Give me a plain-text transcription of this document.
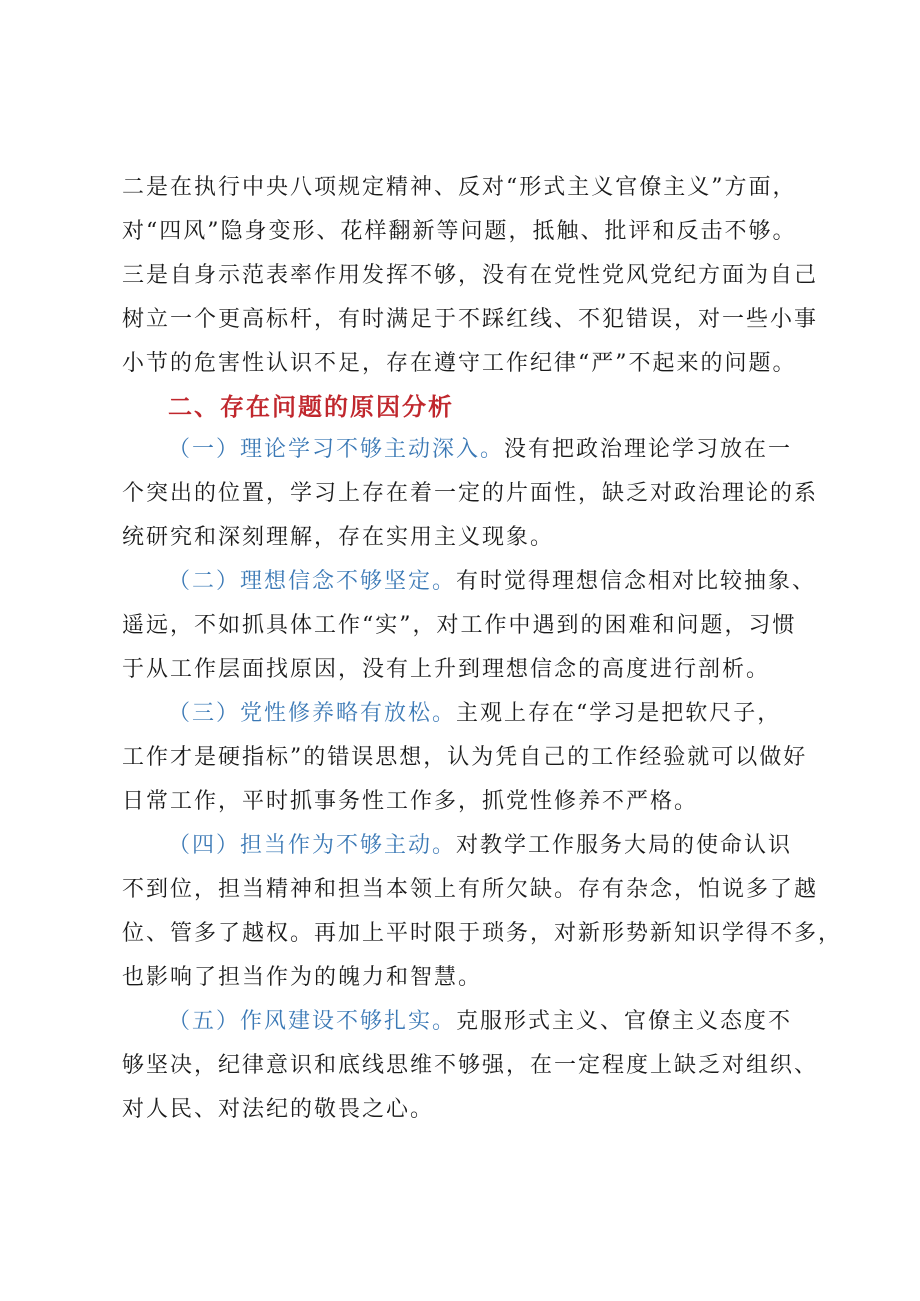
二是在执行中央八项规定精神、反对“形式主义官僚主义”方面，
对“四风”隐身变形、花样翻新等问题，抵触、批评和反击不够。
三是自身示范表率作用发挥不够，没有在党性党风党纪方面为自己
树立一个更高标杆，有时满足于不踩红线、不犯错误，对一些小事
小节的危害性认识不足，存在遵守工作纪律“严”不起来的问题。
二、存在问题的原因分析
（一）理论学习不够主动深入。没有把政治理论学习放在一
个突出的位置，学习上存在着一定的片面性，缺乏对政治理论的系
统研究和深刻理解，存在实用主义现象。
（二）理想信念不够坚定。有时觉得理想信念相对比较抽象、
遥远，不如抓具体工作“实”，对工作中遇到的困难和问题，习惯
于从工作层面找原因，没有上升到理想信念的高度进行剖析。
（三）党性修养略有放松。主观上存在“学习是把软尺子，
工作才是硬指标”的错误思想，认为凭自己的工作经验就可以做好
日常工作，平时抓事务性工作多，抓党性修养不严格。
（四）担当作为不够主动。对教学工作服务大局的使命认识
不到位，担当精神和担当本领上有所欠缺。存有杂念，怕说多了越
位、管多了越权。再加上平时限于琐务，对新形势新知识学得不多，
也影响了担当作为的魄力和智慧。
（五）作风建设不够扎实。克服形式主义、官僚主义态度不
够坚决，纪律意识和底线思维不够强，在一定程度上缺乏对组织、
对人民、对法纪的敬畏之心。
